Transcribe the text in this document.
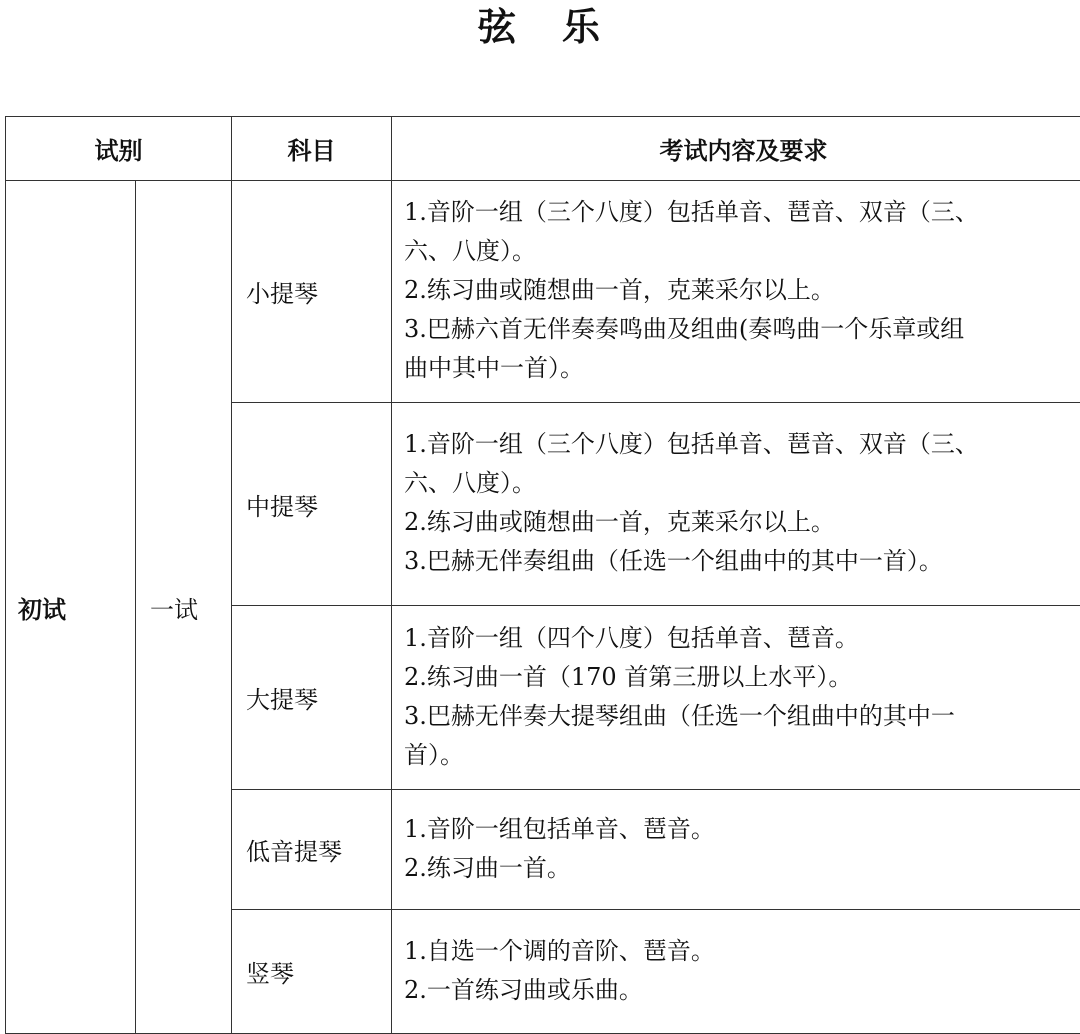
弦 乐
试别		科目	考试内容及要求
初试	一试	小提琴	1.音阶一组（三个八度）包括单音、琶音、双音（三、
六、八度）。
2.练习曲或随想曲一首，克莱采尔以上。
3.巴赫六首无伴奏奏鸣曲及组曲(奏鸣曲一个乐章或组
曲中其中一首）。

		中提琴	1.音阶一组（三个八度）包括单音、琶音、双音（三、
六、八度）。
2.练习曲或随想曲一首，克莱采尔以上。
3.巴赫无伴奏组曲（任选一个组曲中的其中一首）。

		大提琴	1.音阶一组（四个八度）包括单音、琶音。
2.练习曲一首（170 首第三册以上水平）。
3.巴赫无伴奏大提琴组曲（任选一个组曲中的其中一
首）。

		低音提琴	1.音阶一组包括单音、琶音。
2.练习曲一首。

		竖琴	1.自选一个调的音阶、琶音。
2.一首练习曲或乐曲。
